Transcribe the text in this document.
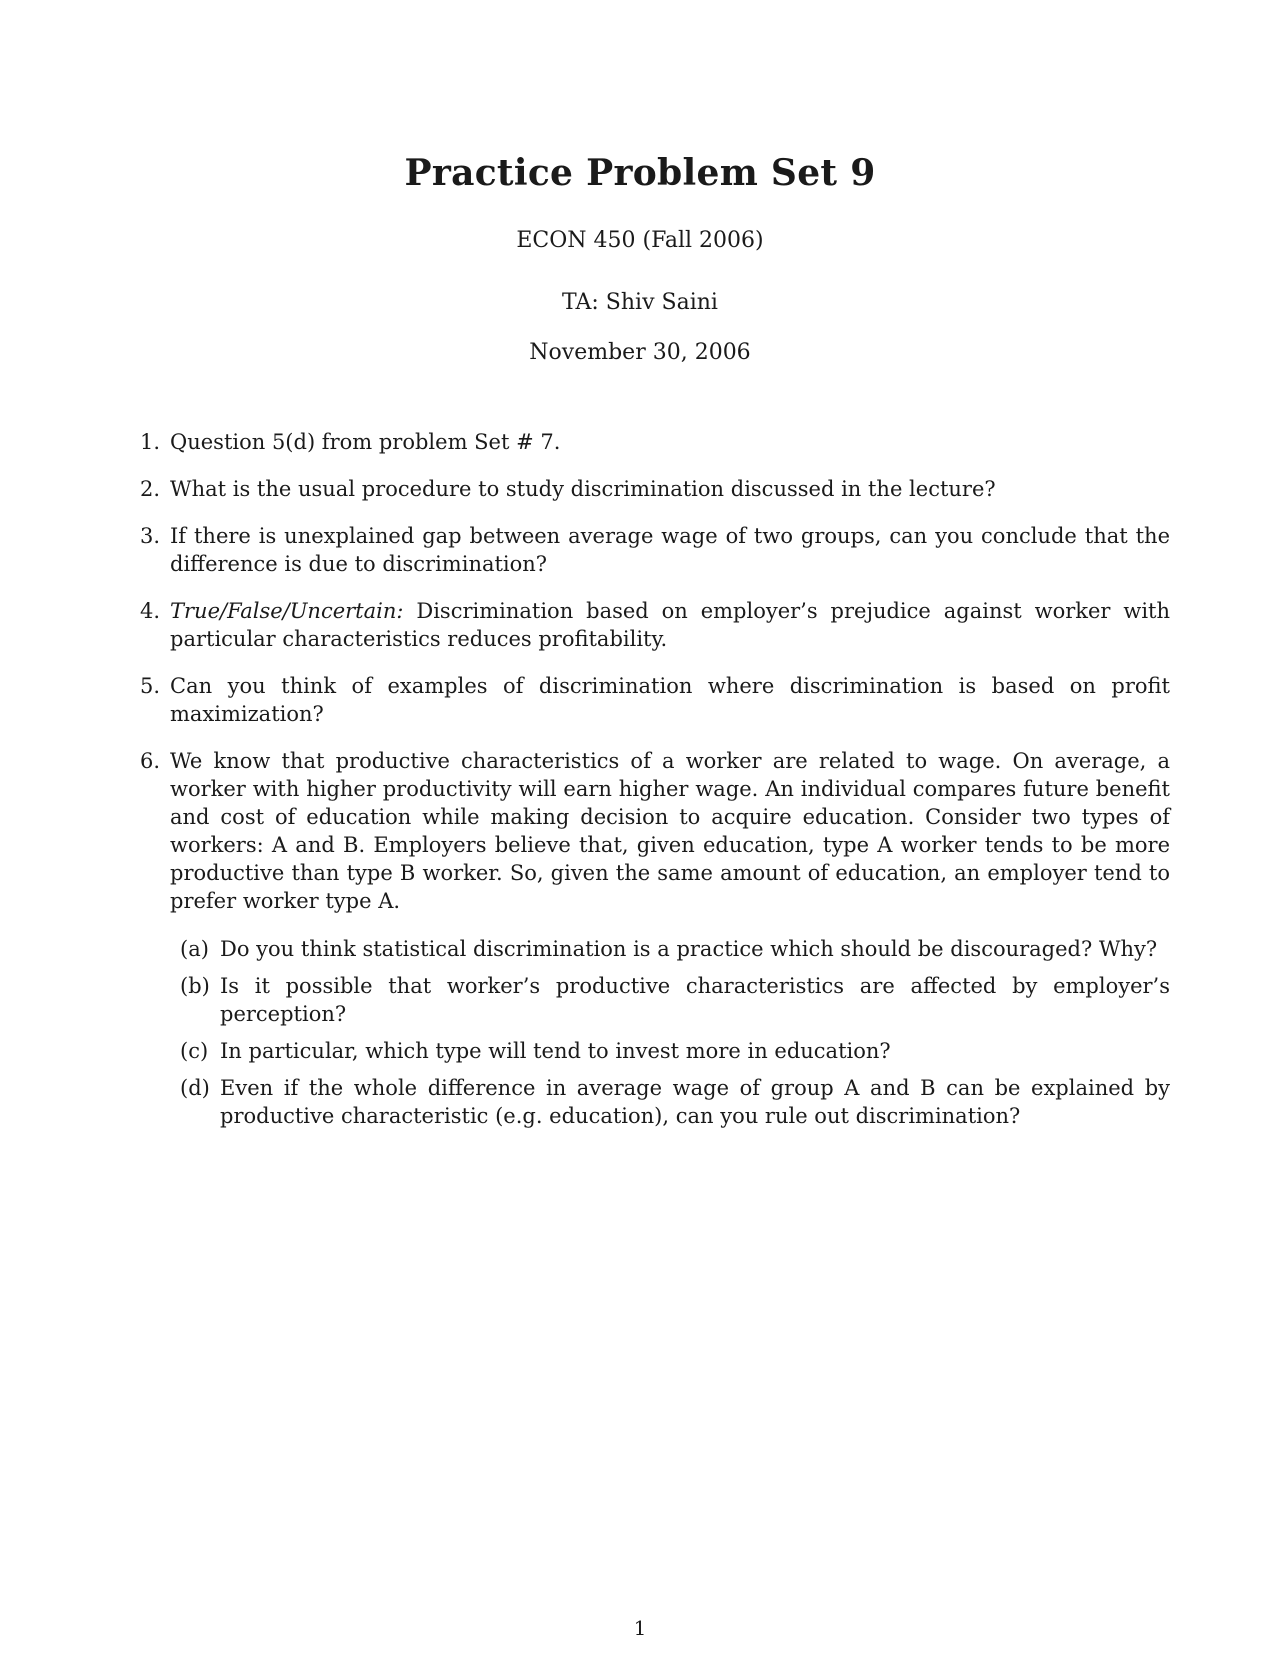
Practice Problem Set 9

ECON 450 (Fall 2006)

TA: Shiv Saini

November 30, 2006

1. Question 5(d) from problem Set # 7.
2. What is the usual procedure to study discrimination discussed in the lecture?
3. If there is unexplained gap between average wage of two groups, can you conclude that the difference is due to discrimination?
4. True/False/Uncertain: Discrimination based on employer’s prejudice against worker with particular characteristics reduces profitability.
5. Can you think of examples of discrimination where discrimination is based on profit maximization?
6. We know that productive characteristics of a worker are related to wage. On average, a worker with higher productivity will earn higher wage. An individual compares future benefit and cost of education while making decision to acquire education. Consider two types of workers: A and B. Employers believe that, given education, type A worker tends to be more productive than type B worker. So, given the same amount of education, an employer tend to prefer worker type A.
(a) Do you think statistical discrimination is a practice which should be discouraged? Why?
(b) Is it possible that worker’s productive characteristics are affected by employer’s perception?
(c) In particular, which type will tend to invest more in education?
(d) Even if the whole difference in average wage of group A and B can be explained by productive characteristic (e.g. education), can you rule out discrimination?

1
